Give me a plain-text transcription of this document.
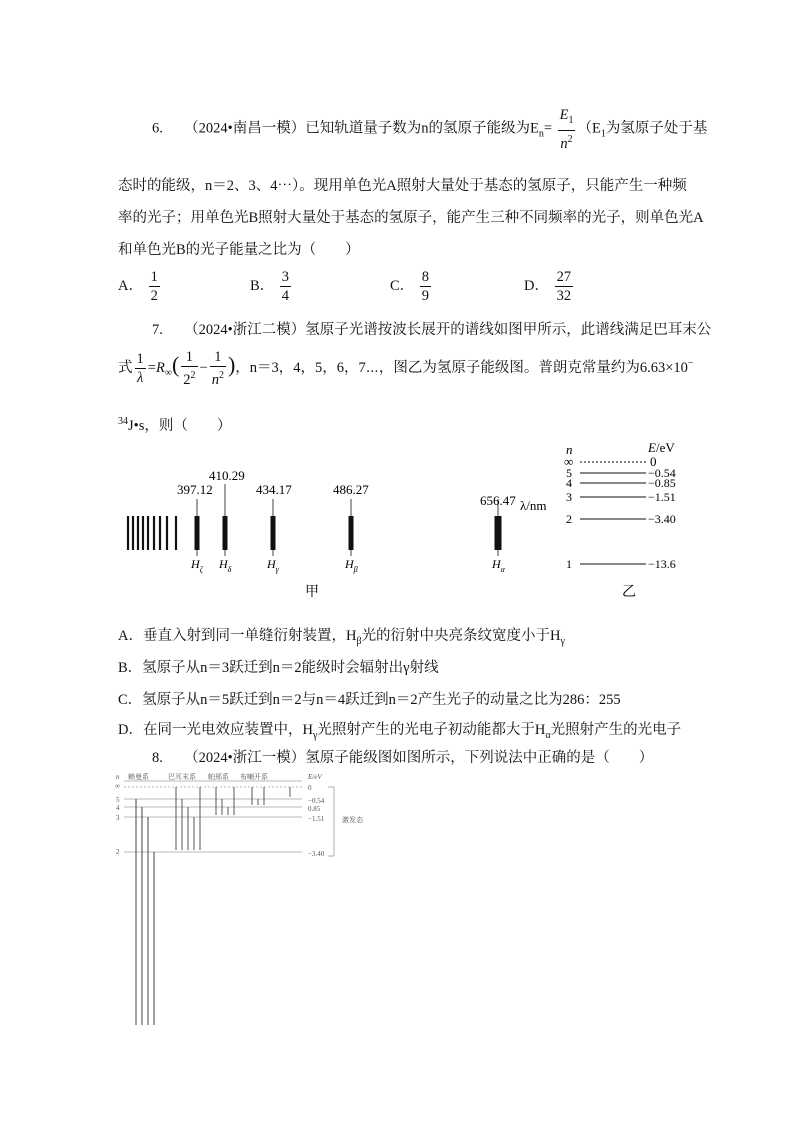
6. （2024•南昌一模）已知轨道量子数为n的氢原子能级为$E_n= \frac{E_1}{n^2} (E_1$为氢原子处于基
态时的能级，n＝2、3、4⋯）。现用单色光A照射大量处于基态的氢原子，只能产生一种频
率的光子；用单色光B照射大量处于基态的氢原子，能产生三种不同频率的光子，则单色光A
和单色光B的光子能量之比为（　　）
A． $\frac{1}{2}$	B． $\frac{3}{4}$	C． $\frac{8}{9}$	D． $\frac{27}{32}$
7. （2024•浙江二模）氢原子光谱按波长展开的谱线如图甲所示，此谱线满足巴耳末公
式 $\frac{1}{\lambda} =R_\infty( \frac{1}{2^2} - \frac{1}{n^2}$ )，n＝3，4，5，6，7⋯，图乙为氢原子能级图。普朗克常量约为6.63×10−
$^{34}$J•s，则（　　）
397.12
$H_\zeta$
410.29
$H_\delta$
434.17
$H_\gamma$
486.27
$H_\beta$
656.47
$H_\alpha$
λ/nm
甲
n	E/eV
∞	0
5	−0.54
4	−0.85
3	−1.51
2	−3.40
1	−13.6
乙
A．垂直入射到同一单缝衍射装置，$H_\beta$光的衍射中央亮条纹宽度小于$H_\gamma$
B．氢原子从n＝3跃迁到n＝2能级时会辐射出γ射线
C．氢原子从n＝5跃迁到n＝2与n＝4跃迁到n＝2产生光子的动量之比为286：255
D．在同一光电效应装置中，$H_\gamma$光照射产生的光电子初动能都大于$H_\alpha$光照射产生的光电子
8. （2024•浙江一模）氢原子能级图如图所示，下列说法中正确的是（　　）
n
∞
赖曼系	巴耳末系 帕邢系 布喇开系	E/eV
0
5	−0.54
4	0.85
3	−1.51
2	−3.40
激发态
